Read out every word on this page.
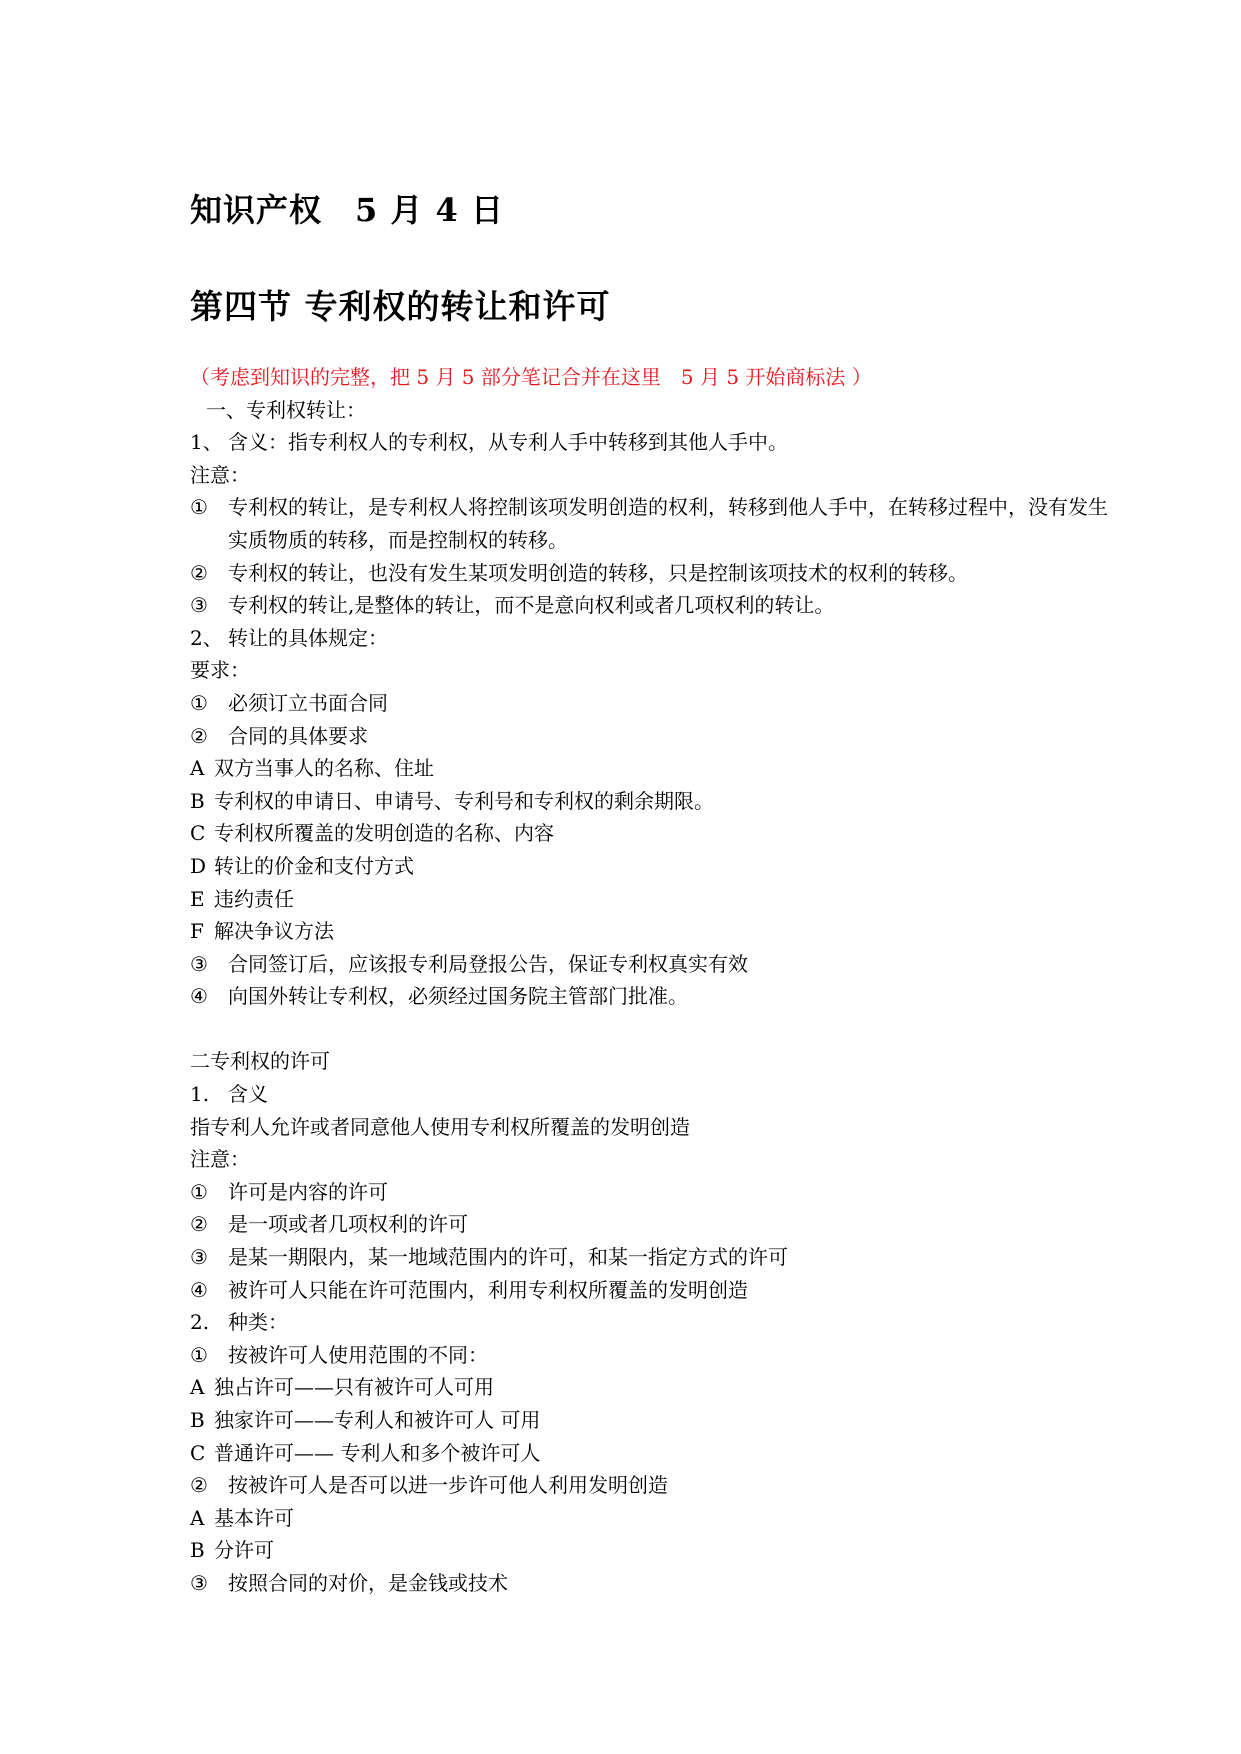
知识产权　5 月 4 日
第四节 专利权的转让和许可
（考虑到知识的完整，把 5 月 5 部分笔记合并在这里　5 月 5 开始商标法 ）
一、专利权转让：
1、 含义：指专利权人的专利权，从专利人手中转移到其他人手中。
注意：
①	专利权的转让，是专利权人将控制该项发明创造的权利，转移到他人手中，在转移过程中，没有发生实质物质的转移，而是控制权的转移。
②	专利权的转让，也没有发生某项发明创造的转移，只是控制该项技术的权利的转移。
③	专利权的转让,是整体的转让，而不是意向权利或者几项权利的转让。
2、 转让的具体规定：
要求：
①	必须订立书面合同
②	合同的具体要求
A 双方当事人的名称、住址
B 专利权的申请日、申请号、专利号和专利权的剩余期限。
C 专利权所覆盖的发明创造的名称、内容
D 转让的价金和支付方式
E 违约责任
F 解决争议方法
③	合同签订后，应该报专利局登报公告，保证专利权真实有效
④	向国外转让专利权，必须经过国务院主管部门批准。
二专利权的许可
1. 含义
指专利人允许或者同意他人使用专利权所覆盖的发明创造
注意：
①	许可是内容的许可
②	是一项或者几项权利的许可
③	是某一期限内，某一地域范围内的许可，和某一指定方式的许可
④	被许可人只能在许可范围内，利用专利权所覆盖的发明创造
2. 种类：
①	按被许可人使用范围的不同：
A 独占许可——只有被许可人可用
B 独家许可——专利人和被许可人 可用
C 普通许可—— 专利人和多个被许可人
②	按被许可人是否可以进一步许可他人利用发明创造
A 基本许可
B 分许可
③	按照合同的对价，是金钱或技术
